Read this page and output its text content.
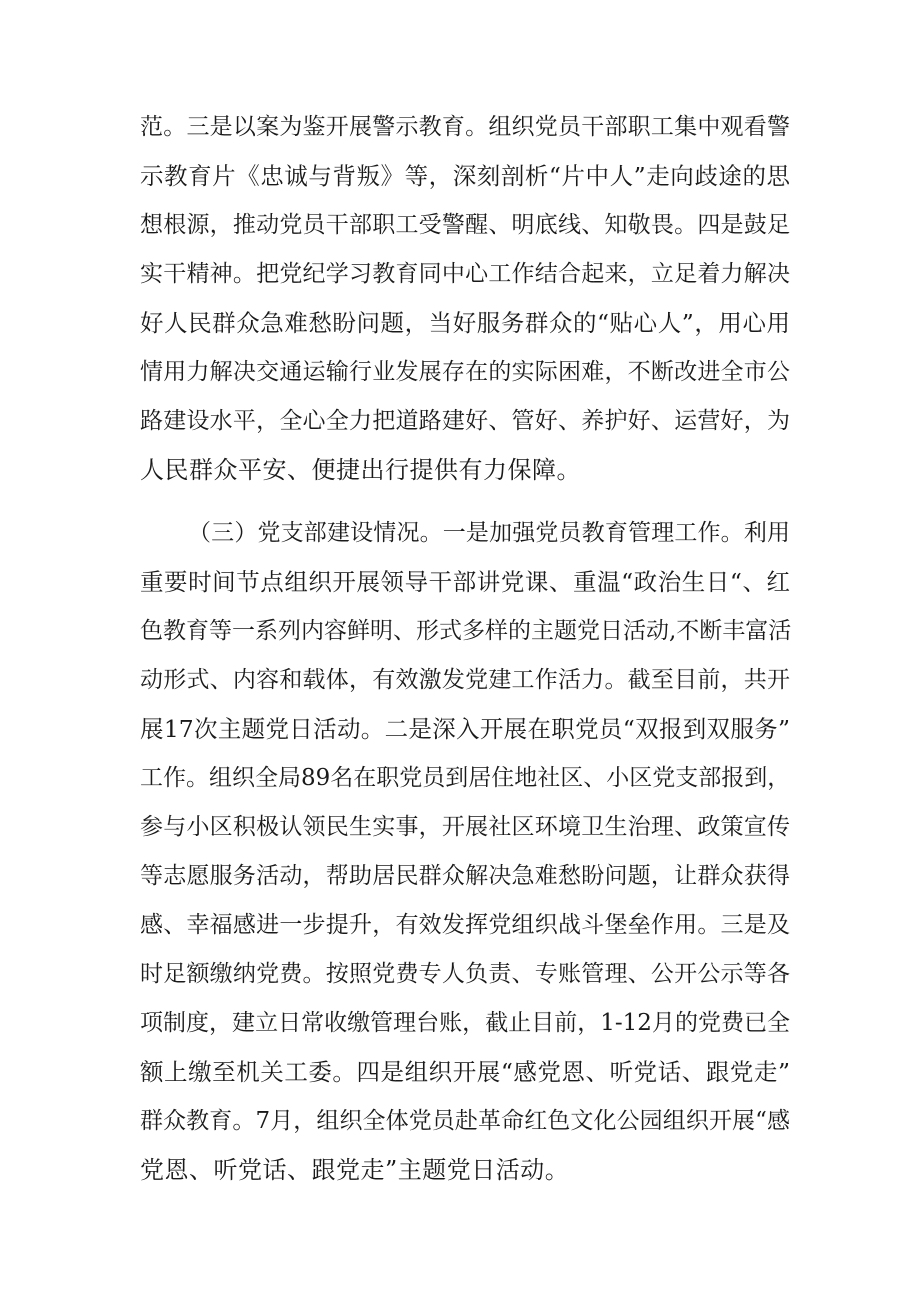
范。三是以案为鉴开展警示教育。组织党员干部职工集中观看警
示教育片《忠诚与背叛》等，深刻剖析“片中人”走向歧途的思
想根源，推动党员干部职工受警醒、明底线、知敬畏。四是鼓足
实干精神。把党纪学习教育同中心工作结合起来，立足着力解决
好人民群众急难愁盼问题，当好服务群众的“贴心人”，用心用
情用力解决交通运输行业发展存在的实际困难，不断改进全市公
路建设水平，全心全力把道路建好、管好、养护好、运营好，为
人民群众平安、便捷出行提供有力保障。
（三）党支部建设情况。一是加强党员教育管理工作。利用
重要时间节点组织开展领导干部讲党课、重温“政治生日“、红
色教育等一系列内容鲜明、形式多样的主题党日活动,不断丰富活
动形式、内容和载体，有效激发党建工作活力。截至目前，共开
展17次主题党日活动。二是深入开展在职党员“双报到双服务”
工作。组织全局89名在职党员到居住地社区、小区党支部报到，
参与小区积极认领民生实事，开展社区环境卫生治理、政策宣传
等志愿服务活动，帮助居民群众解决急难愁盼问题，让群众获得
感、幸福感进一步提升，有效发挥党组织战斗堡垒作用。三是及
时足额缴纳党费。按照党费专人负责、专账管理、公开公示等各
项制度，建立日常收缴管理台账，截止目前，1-12月的党费已全
额上缴至机关工委。四是组织开展“感党恩、听党话、跟党走”
群众教育。7月，组织全体党员赴革命红色文化公园组织开展“感
党恩、听党话、跟党走”主题党日活动。
